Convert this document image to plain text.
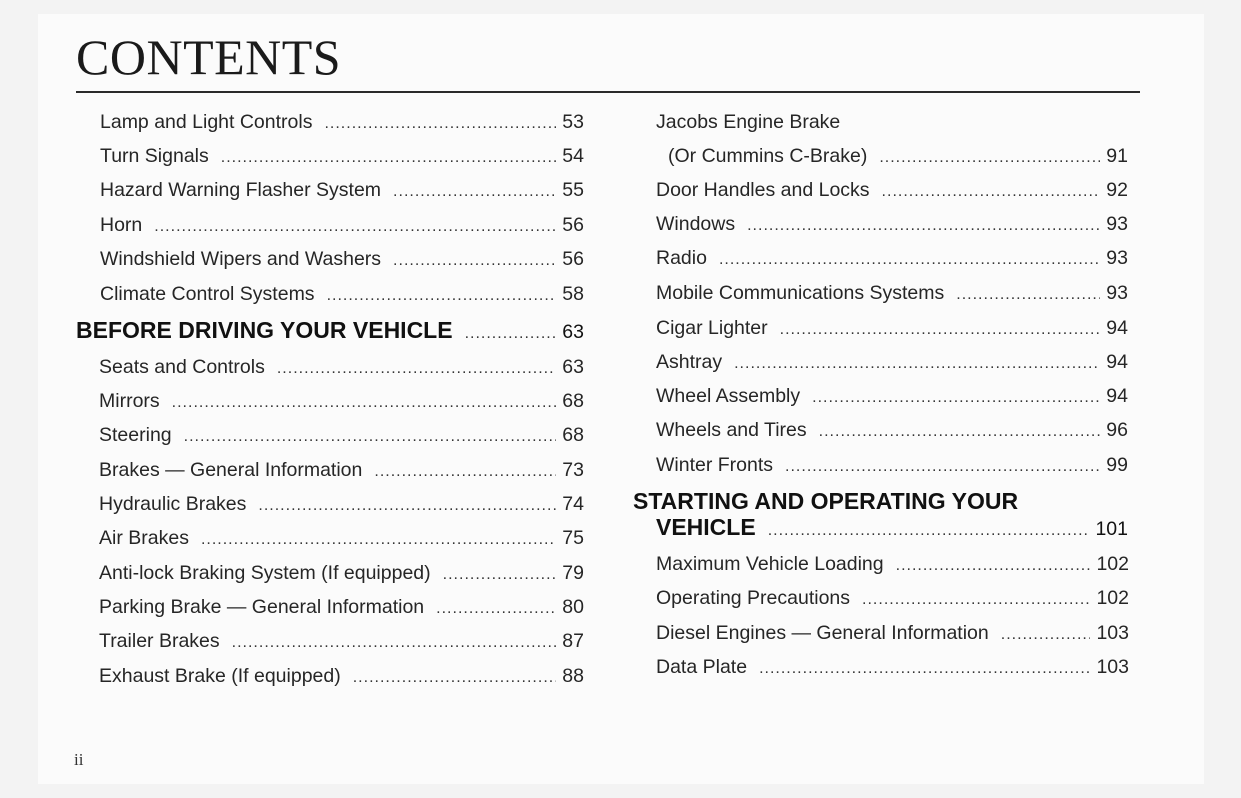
CONTENTS
Lamp and Light Controls .....	53
Turn Signals .....	54
Hazard Warning Flasher System .....	55
Horn .....	56
Windshield Wipers and Washers .....	56
Climate Control Systems .....	58
BEFORE DRIVING YOUR VEHICLE .....	63
Seats and Controls .....	63
Mirrors .....	68
Steering .....	68
Brakes — General Information .....	73
Hydraulic Brakes .....	74
Air Brakes .....	75
Anti-lock Braking System (If equipped) .....	79
Parking Brake — General Information .....	80
Trailer Brakes .....	87
Exhaust Brake (If equipped) .....	88
Jacobs Engine Brake
(Or Cummins C-Brake) .....	91
Door Handles and Locks .....	92
Windows .....	93
Radio .....	93
Mobile Communications Systems .....	93
Cigar Lighter .....	94
Ashtray .....	94
Wheel Assembly .....	94
Wheels and Tires .....	96
Winter Fronts .....	99
STARTING AND OPERATING YOUR
VEHICLE .....	101
Maximum Vehicle Loading .....	102
Operating Precautions .....	102
Diesel Engines — General Information .....	103
Data Plate .....	103
ii
